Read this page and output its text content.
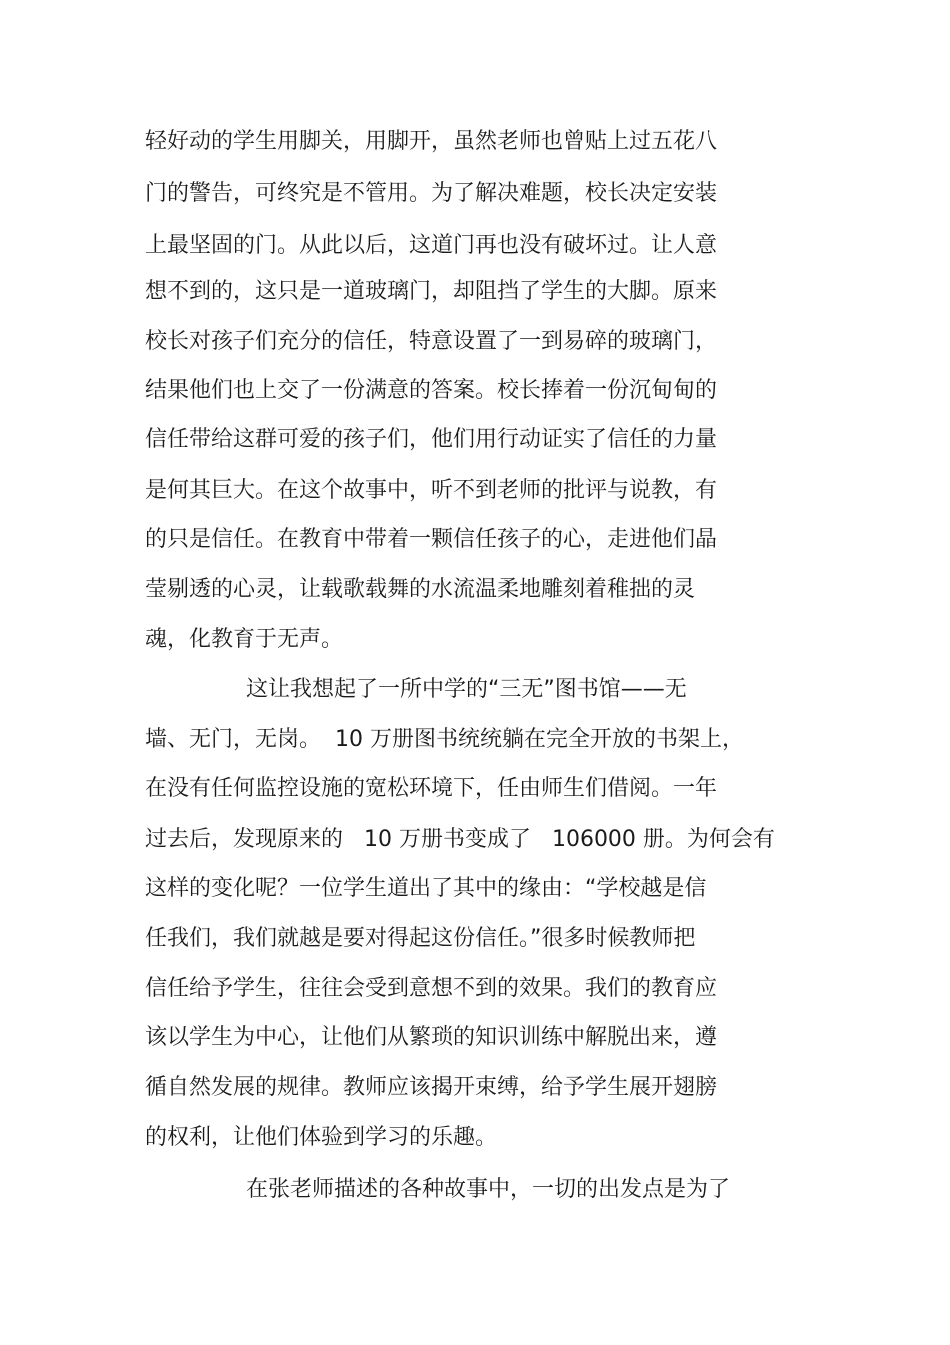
轻好动的学生用脚关，用脚开，虽然老师也曾贴上过五花八
门的警告，可终究是不管用。为了解决难题，校长决定安装
上最坚固的门。从此以后，这道门再也没有破坏过。让人意
想不到的，这只是一道玻璃门，却阻挡了学生的大脚。原来
校长对孩子们充分的信任，特意设置了一到易碎的玻璃门，
结果他们也上交了一份满意的答案。校长捧着一份沉甸甸的
信任带给这群可爱的孩子们，他们用行动证实了信任的力量
是何其巨大。在这个故事中，听不到老师的批评与说教，有
的只是信任。在教育中带着一颗信任孩子的心，走进他们晶
莹剔透的心灵，让载歌载舞的水流温柔地雕刻着稚拙的灵
魂，化教育于无声。
这让我想起了一所中学的“三无”图书馆——无
墙、无门，无岗。  10 万册图书统统躺在完全开放的书架上，
在没有任何监控设施的宽松环境下，任由师生们借阅。一年
过去后，发现原来的   10 万册书变成了   106000 册。为何会有
这样的变化呢？一位学生道出了其中的缘由：“学校越是信
任我们，我们就越是要对得起这份信任。”很多时候教师把
信任给予学生，往往会受到意想不到的效果。我们的教育应
该以学生为中心，让他们从繁琐的知识训练中解脱出来，遵
循自然发展的规律。教师应该揭开束缚，给予学生展开翅膀
的权利，让他们体验到学习的乐趣。
在张老师描述的各种故事中，一切的出发点是为了
